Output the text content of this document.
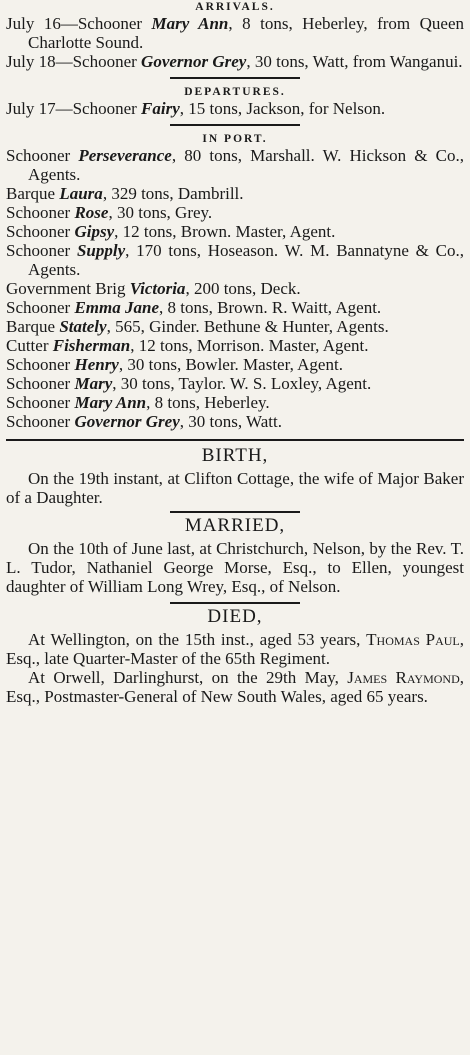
ARRIVALS.

July 16—Schooner Mary Ann, 8 tons, Heberley, from Queen Charlotte Sound.

July 18—Schooner Governor Grey, 30 tons, Watt, from Wanganui.

DEPARTURES.

July 17—Schooner Fairy, 15 tons, Jackson, for Nelson.

IN PORT.

Schooner Perseverance, 80 tons, Marshall. W. Hickson & Co., Agents.

Barque Laura, 329 tons, Dambrill.

Schooner Rose, 30 tons, Grey.

Schooner Gipsy, 12 tons, Brown. Master, Agent.

Schooner Supply, 170 tons, Hoseason. W. M. Bannatyne & Co., Agents.

Government Brig Victoria, 200 tons, Deck.

Schooner Emma Jane, 8 tons, Brown. R. Waitt, Agent.

Barque Stately, 565, Ginder. Bethune & Hunter, Agents.

Cutter Fisherman, 12 tons, Morrison. Master, Agent.

Schooner Henry, 30 tons, Bowler. Master, Agent.

Schooner Mary, 30 tons, Taylor. W. S. Loxley, Agent.

Schooner Mary Ann, 8 tons, Heberley.

Schooner Governor Grey, 30 tons, Watt.

BIRTH,

On the 19th instant, at Clifton Cottage, the wife of Major Baker of a Daughter.

MARRIED,

On the 10th of June last, at Christchurch, Nelson, by the Rev. T. L. Tudor, Nathaniel George Morse, Esq., to Ellen, youngest daughter of William Long Wrey, Esq., of Nelson.

DIED,

At Wellington, on the 15th inst., aged 53 years, Thomas Paul, Esq., late Quarter-Master of the 65th Regiment.

At Orwell, Darlinghurst, on the 29th May, James Raymond, Esq., Postmaster-General of New South Wales, aged 65 years.
